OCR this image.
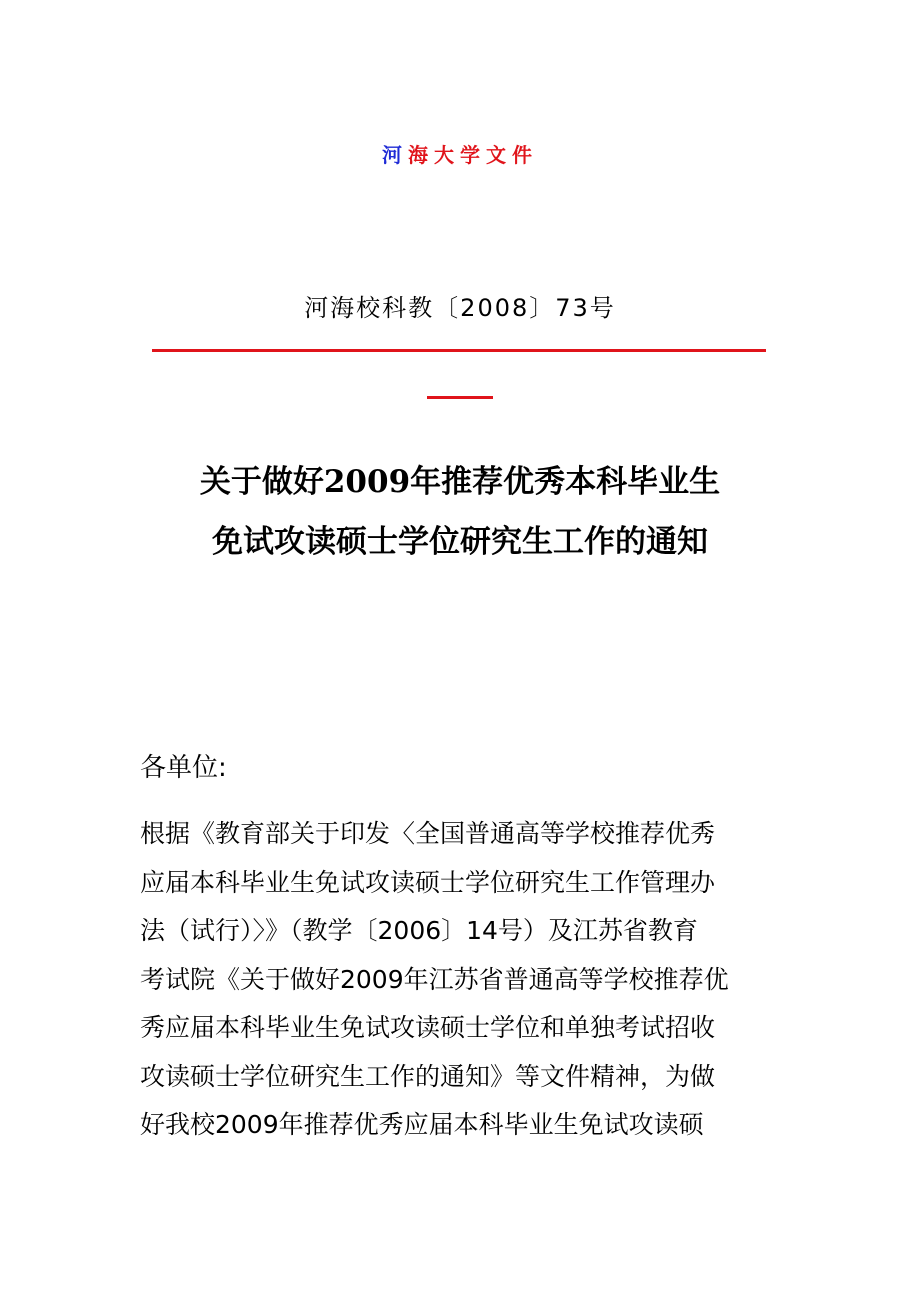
河海大学文件
河海校科教〔2008〕73号
关于做好2009年推荐优秀本科毕业生
免试攻读硕士学位研究生工作的通知
各单位:
根据《教育部关于印发〈全国普通高等学校推荐优秀
应届本科毕业生免试攻读硕士学位研究生工作管理办
法（试行）〉》（教学〔2006〕14号）及江苏省教育
考试院《关于做好2009年江苏省普通高等学校推荐优
秀应届本科毕业生免试攻读硕士学位和单独考试招收
攻读硕士学位研究生工作的通知》等文件精神，为做
好我校2009年推荐优秀应届本科毕业生免试攻读硕
